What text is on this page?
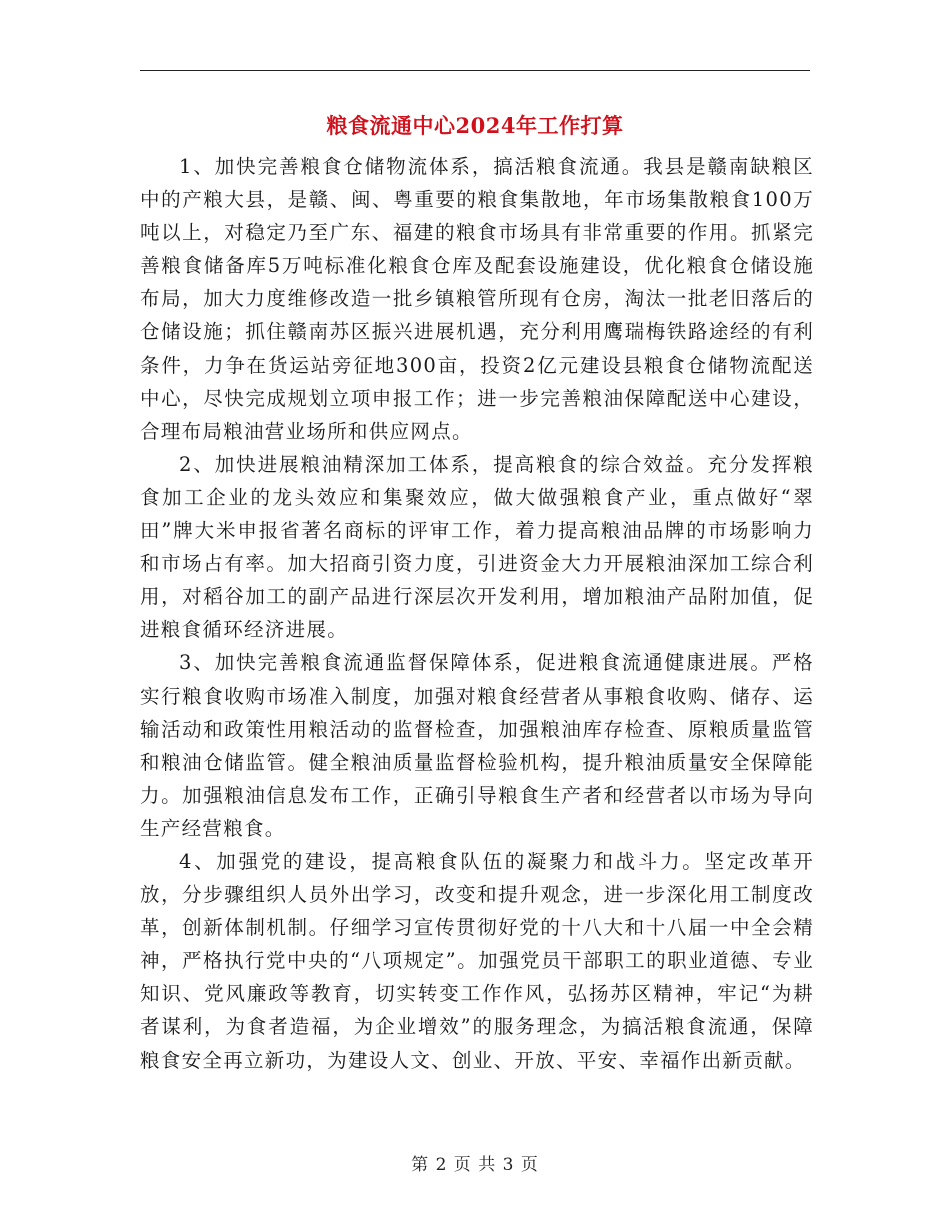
粮食流通中心2024年工作打算

1、加快完善粮食仓储物流体系，搞活粮食流通。我县是赣南缺粮区中的产粮大县，是赣、闽、粤重要的粮食集散地，年市场集散粮食100万吨以上，对稳定乃至广东、福建的粮食市场具有非常重要的作用。抓紧完善粮食储备库5万吨标准化粮食仓库及配套设施建设，优化粮食仓储设施布局，加大力度维修改造一批乡镇粮管所现有仓房，淘汰一批老旧落后的仓储设施；抓住赣南苏区振兴进展机遇，充分利用鹰瑞梅铁路途经的有利条件，力争在货运站旁征地300亩，投资2亿元建设县粮食仓储物流配送中心，尽快完成规划立项申报工作；进一步完善粮油保障配送中心建设，合理布局粮油营业场所和供应网点。

2、加快进展粮油精深加工体系，提高粮食的综合效益。充分发挥粮食加工企业的龙头效应和集聚效应，做大做强粮食产业，重点做好“翠田”牌大米申报省著名商标的评审工作，着力提高粮油品牌的市场影响力和市场占有率。加大招商引资力度，引进资金大力开展粮油深加工综合利用，对稻谷加工的副产品进行深层次开发利用，增加粮油产品附加值，促进粮食循环经济进展。

3、加快完善粮食流通监督保障体系，促进粮食流通健康进展。严格实行粮食收购市场准入制度，加强对粮食经营者从事粮食收购、储存、运输活动和政策性用粮活动的监督检查，加强粮油库存检查、原粮质量监管和粮油仓储监管。健全粮油质量监督检验机构，提升粮油质量安全保障能力。加强粮油信息发布工作，正确引导粮食生产者和经营者以市场为导向生产经营粮食。

4、加强党的建设，提高粮食队伍的凝聚力和战斗力。坚定改革开放，分步骤组织人员外出学习，改变和提升观念，进一步深化用工制度改革，创新体制机制。仔细学习宣传贯彻好党的十八大和十八届一中全会精神，严格执行党中央的“八项规定”。加强党员干部职工的职业道德、专业知识、党风廉政等教育，切实转变工作作风，弘扬苏区精神，牢记“为耕者谋利，为食者造福，为企业增效”的服务理念，为搞活粮食流通，保障粮食安全再立新功，为建设人文、创业、开放、平安、幸福作出新贡献。

第 2 页 共 3 页
